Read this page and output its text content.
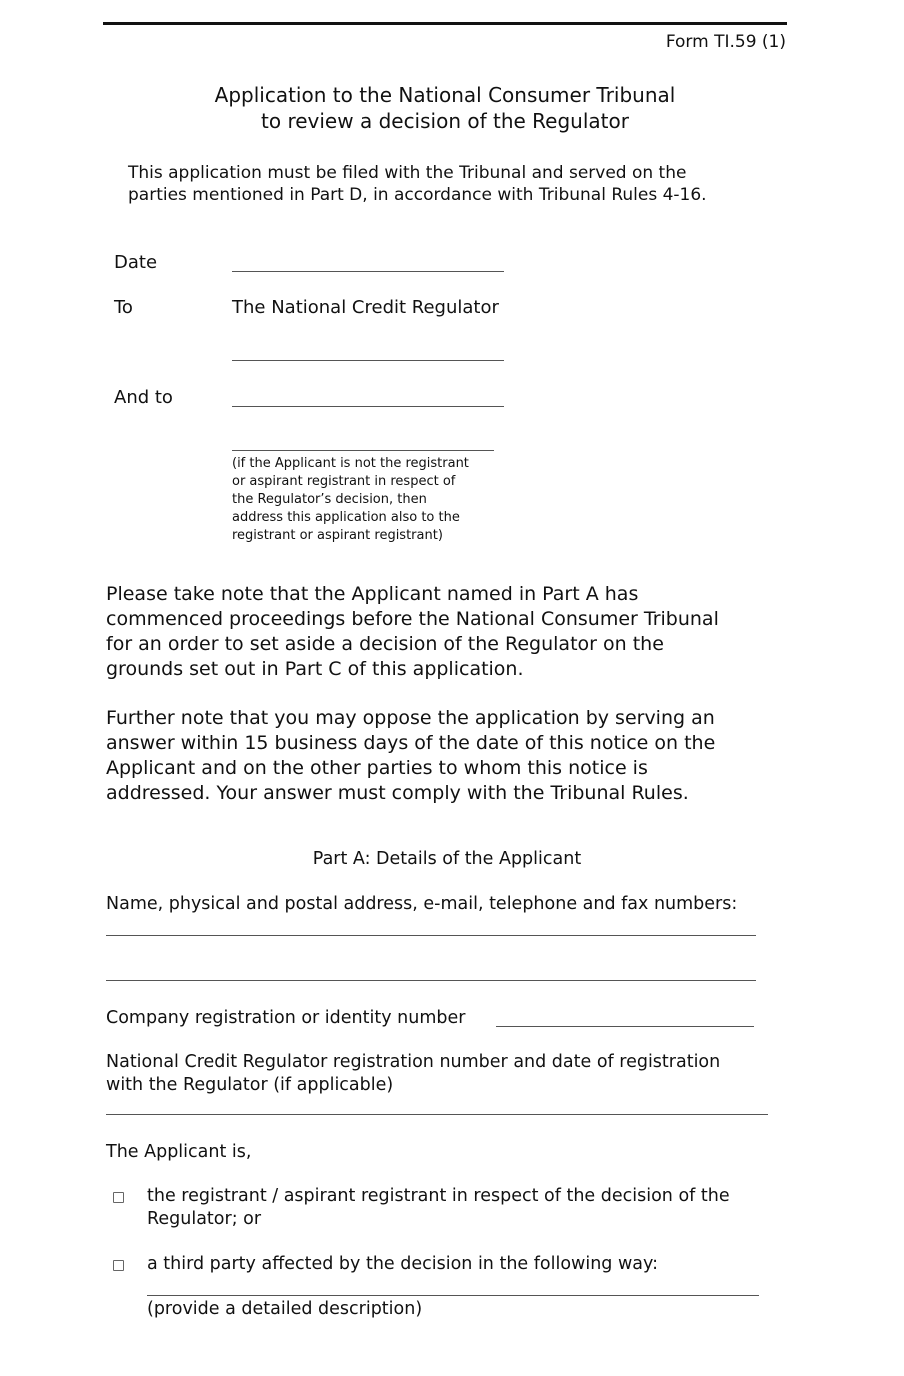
Form TI.59 (1)
Application to the National Consumer Tribunal
to review a decision of the Regulator
This application must be filed with the Tribunal and served on the
parties mentioned in Part D, in accordance with Tribunal Rules 4-16.
Date
To	The National Credit Regulator
And to
(if the Applicant is not the registrant
or aspirant registrant in respect of
the Regulator’s decision, then
address this application also to the
registrant or aspirant registrant)
Please take note that the Applicant named in Part A has
commenced proceedings before the National Consumer Tribunal
for an order to set aside a decision of the Regulator on the
grounds set out in Part C of this application.
Further note that you may oppose the application by serving an
answer within 15 business days of the date of this notice on the
Applicant and on the other parties to whom this notice is
addressed. Your answer must comply with the Tribunal Rules.
Part A: Details of the Applicant
Name, physical and postal address, e-mail, telephone and fax numbers:
Company registration or identity number
National Credit Regulator registration number and date of registration
with the Regulator (if applicable)
The Applicant is,
the registrant / aspirant registrant in respect of the decision of the
Regulator; or
a third party affected by the decision in the following way:
(provide a detailed description)
